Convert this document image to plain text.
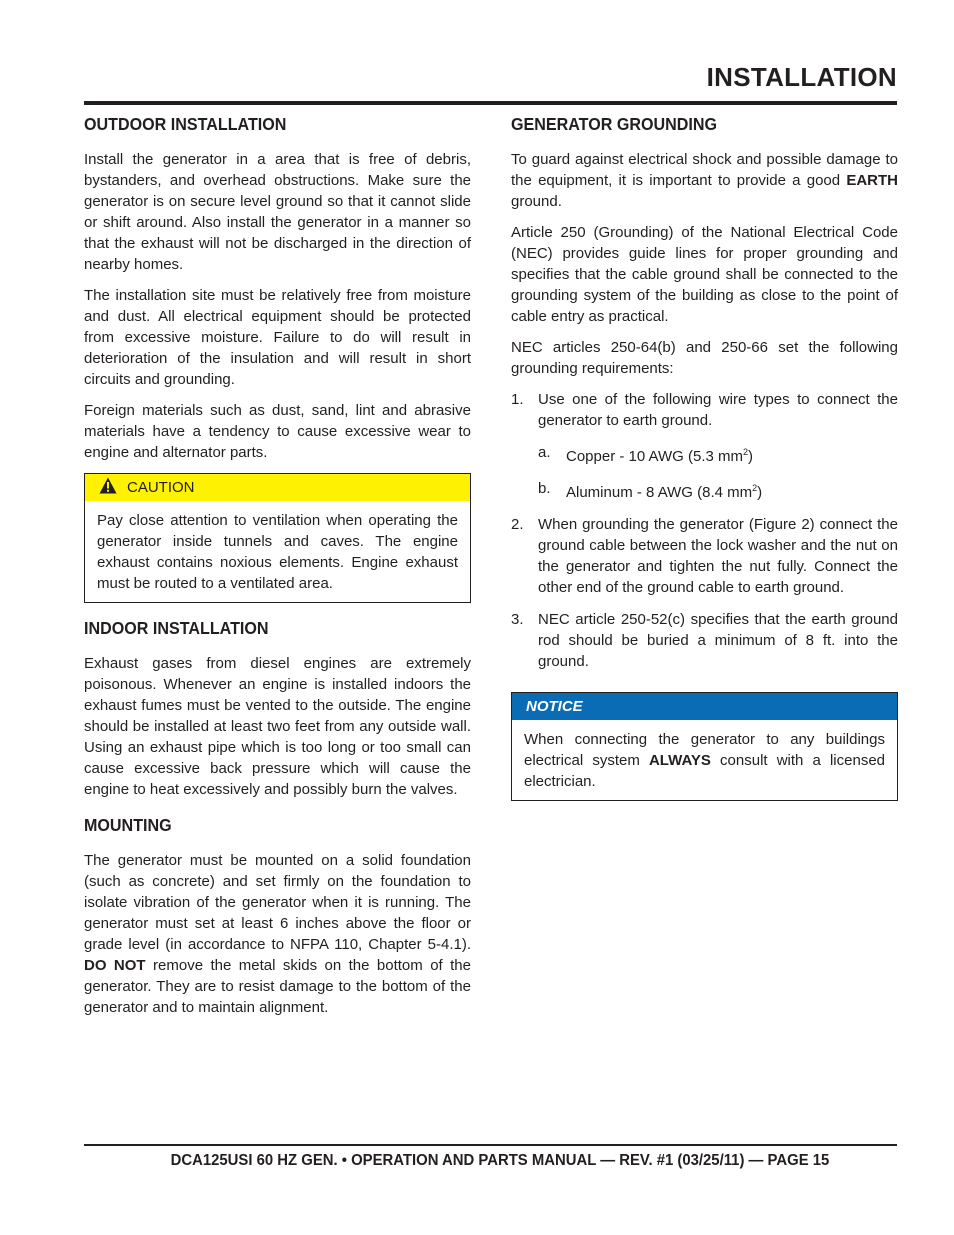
INSTALLATION
OUTDOOR INSTALLATION

Install the generator in a area that is free of debris, bystanders, and overhead obstructions. Make sure the generator is on secure level ground so that it cannot slide or shift around. Also install the generator in a manner so that the exhaust will not be discharged in the direction of nearby homes.

The installation site must be relatively free from moisture and dust. All electrical equipment should be protected from excessive moisture. Failure to do will result in deterioration of the insulation and will result in short circuits and grounding.

Foreign materials such as dust, sand, lint and abrasive materials have a tendency to cause excessive wear to engine and alternator parts.

CAUTION

Pay close attention to ventilation when operating the generator inside tunnels and caves. The engine exhaust contains noxious elements. Engine exhaust must be routed to a ventilated area.

INDOOR INSTALLATION

Exhaust gases from diesel engines are extremely poisonous. Whenever an engine is installed indoors the exhaust fumes must be vented to the outside. The engine should be installed at least two feet from any outside wall. Using an exhaust pipe which is too long or too small can cause excessive back pressure which will cause the engine to heat excessively and possibly burn the valves.

MOUNTING

The generator must be mounted on a solid foundation (such as concrete) and set firmly on the foundation to isolate vibration of the generator when it is running. The generator must set at least 6 inches above the floor or grade level (in accordance to NFPA 110, Chapter 5-4.1). DO NOT remove the metal skids on the bottom of the generator. They are to resist damage to the bottom of the generator and to maintain alignment.

GENERATOR GROUNDING

To guard against electrical shock and possible damage to the equipment, it is important to provide a good EARTH ground.

Article 250 (Grounding) of the National Electrical Code (NEC) provides guide lines for proper grounding and specifies that the cable ground shall be connected to the grounding system of the building as close to the point of cable entry as practical.

NEC articles 250-64(b) and 250-66 set the following grounding requirements:

1. Use one of the following wire types to connect the generator to earth ground.
a. Copper - 10 AWG (5.3 $mm^2$)
b. Aluminum - 8 AWG (8.4 $mm^2$)
2. When grounding the generator (Figure 2) connect the ground cable between the lock washer and the nut on the generator and tighten the nut fully. Connect the other end of the ground cable to earth ground.
3. NEC article 250-52(c) specifies that the earth ground rod should be buried a minimum of 8 ft. into the ground.
NOTICE

When connecting the generator to any buildings electrical system ALWAYS consult with a licensed electrician.

DCA125USI 60 HZ GEN. • OPERATION AND PARTS MANUAL — REV. #1 (03/25/11) — PAGE 15
